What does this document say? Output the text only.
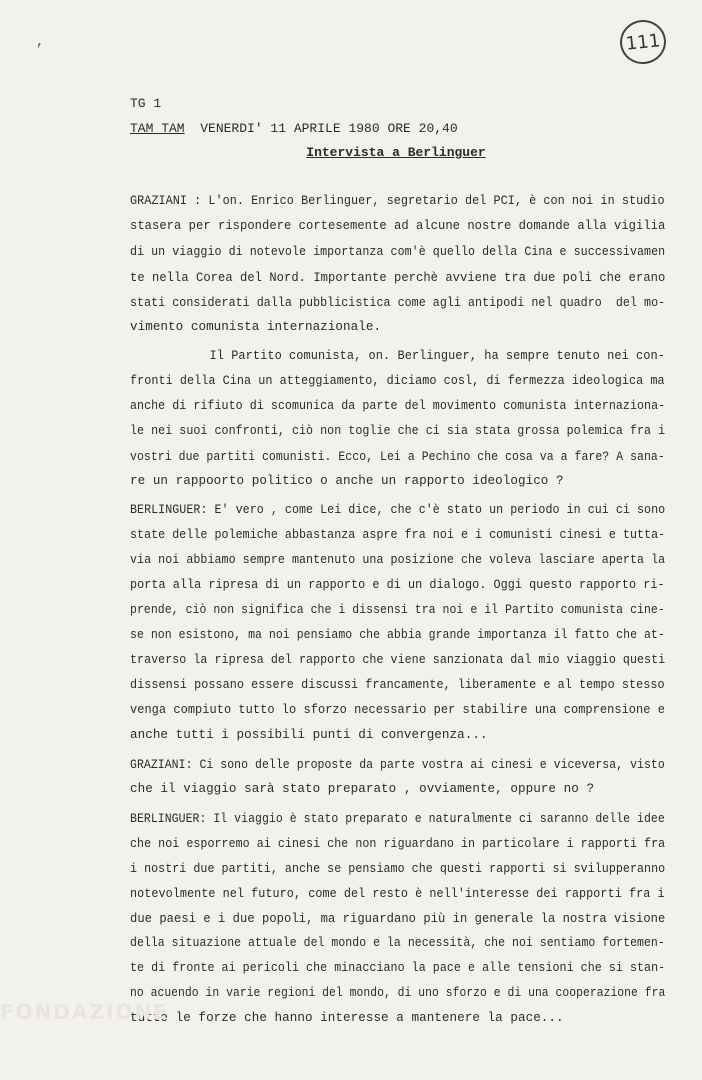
,	111
TG 1
TAM TAM VENERDI' 11 APRILE 1980 ORE 20,40
Intervista a Berlinguer
GRAZIANI : L'on. Enrico Berlinguer, segretario del PCI, è con noi in studio
stasera per rispondere cortesemente ad alcune nostre domande alla vigilia
di un viaggio di notevole importanza com'è quello della Cina e successivamen
te nella Corea del Nord. Importante perchè avviene tra due poli che erano
stati considerati dalla pubblicistica come agli antipodi nel quadro  del mo-
vimento comunista internazionale.
Il Partito comunista, on. Berlinguer, ha sempre tenuto nei con-
fronti della Cina un atteggiamento, diciamo cosl, di fermezza ideologica ma
anche di rifiuto di scomunica da parte del movimento comunista internaziona-
le nei suoi confronti, ciò non toglie che ci sia stata grossa polemica fra i
vostri due partiti comunisti. Ecco, Lei a Pechino che cosa va a fare? A sana-
re un rappoorto politico o anche un rapporto ideologico ?
BERLINGUER: E' vero , come Lei dice, che c'è stato un periodo in cui ci sono
state delle polemiche abbastanza aspre fra noi e i comunisti cinesi e tutta-
via noi abbiamo sempre mantenuto una posizione che voleva lasciare aperta la
porta alla ripresa di un rapporto e di un dialogo. Oggi questo rapporto ri-
prende, ciò non significa che i dissensi tra noi e il Partito comunista cine-
se non esistono, ma noi pensiamo che abbia grande importanza il fatto che at-
traverso la ripresa del rapporto che viene sanzionata dal mio viaggio questi
dissensi possano essere discussi francamente, liberamente e al tempo stesso
venga compiuto tutto lo sforzo necessario per stabilire una comprensione e
anche tutti i possibili punti di convergenza...
GRAZIANI: Ci sono delle proposte da parte vostra ai cinesi e viceversa, visto
che il viaggio sarà stato preparato , ovviamente, oppure no ?
BERLINGUER: Il viaggio è stato preparato e naturalmente ci saranno delle idee
che noi esporremo ai cinesi che non riguardano in particolare i rapporti fra
i nostri due partiti, anche se pensiamo che questi rapporti si svilupperanno
notevolmente nel futuro, come del resto è nell'interesse dei rapporti fra i
due paesi e i due popoli, ma riguardano più in generale la nostra visione
della situazione attuale del mondo e la necessità, che noi sentiamo fortemen-
te di fronte ai pericoli che minacciano la pace e alle tensioni che si stan-
no acuendo in varie regioni del mondo, di uno sforzo e di una cooperazione fra
tutte le forze che hanno interesse a mantenere la pace...
FONDAZIONE
